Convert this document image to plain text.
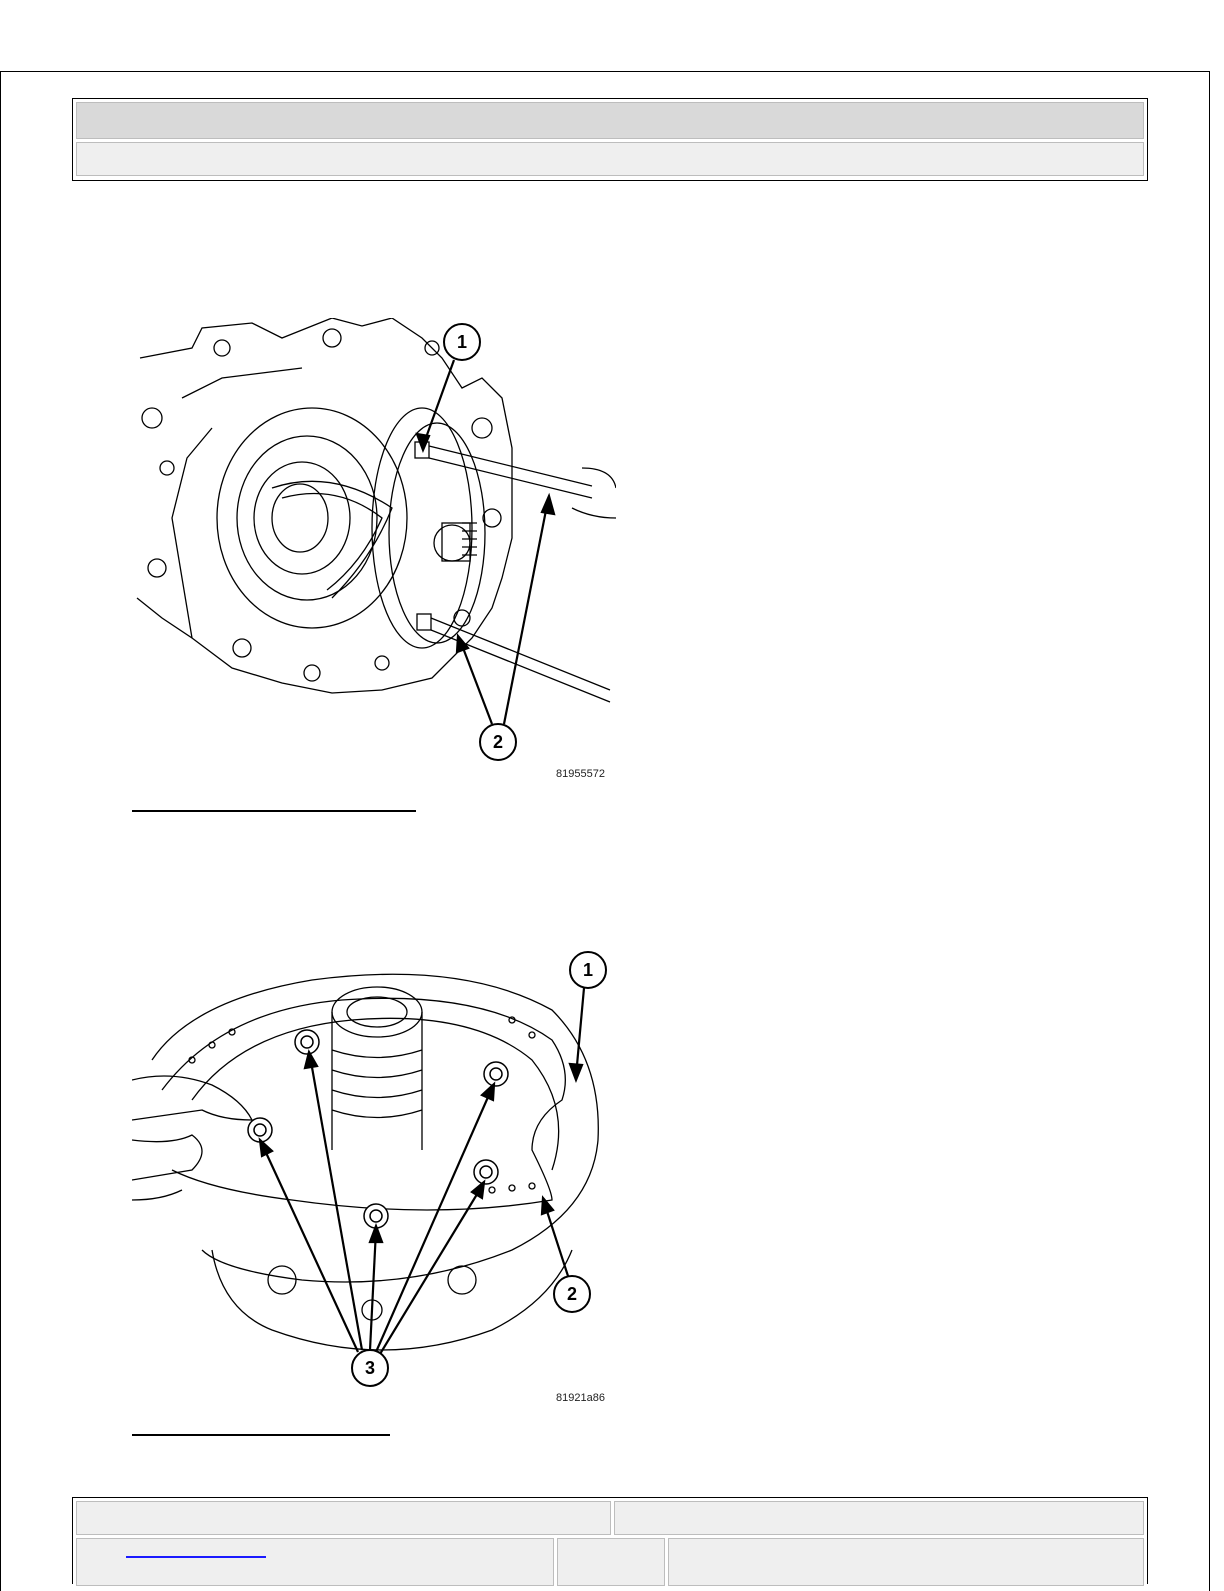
1
2
81955572
1
2
3
81921a86
